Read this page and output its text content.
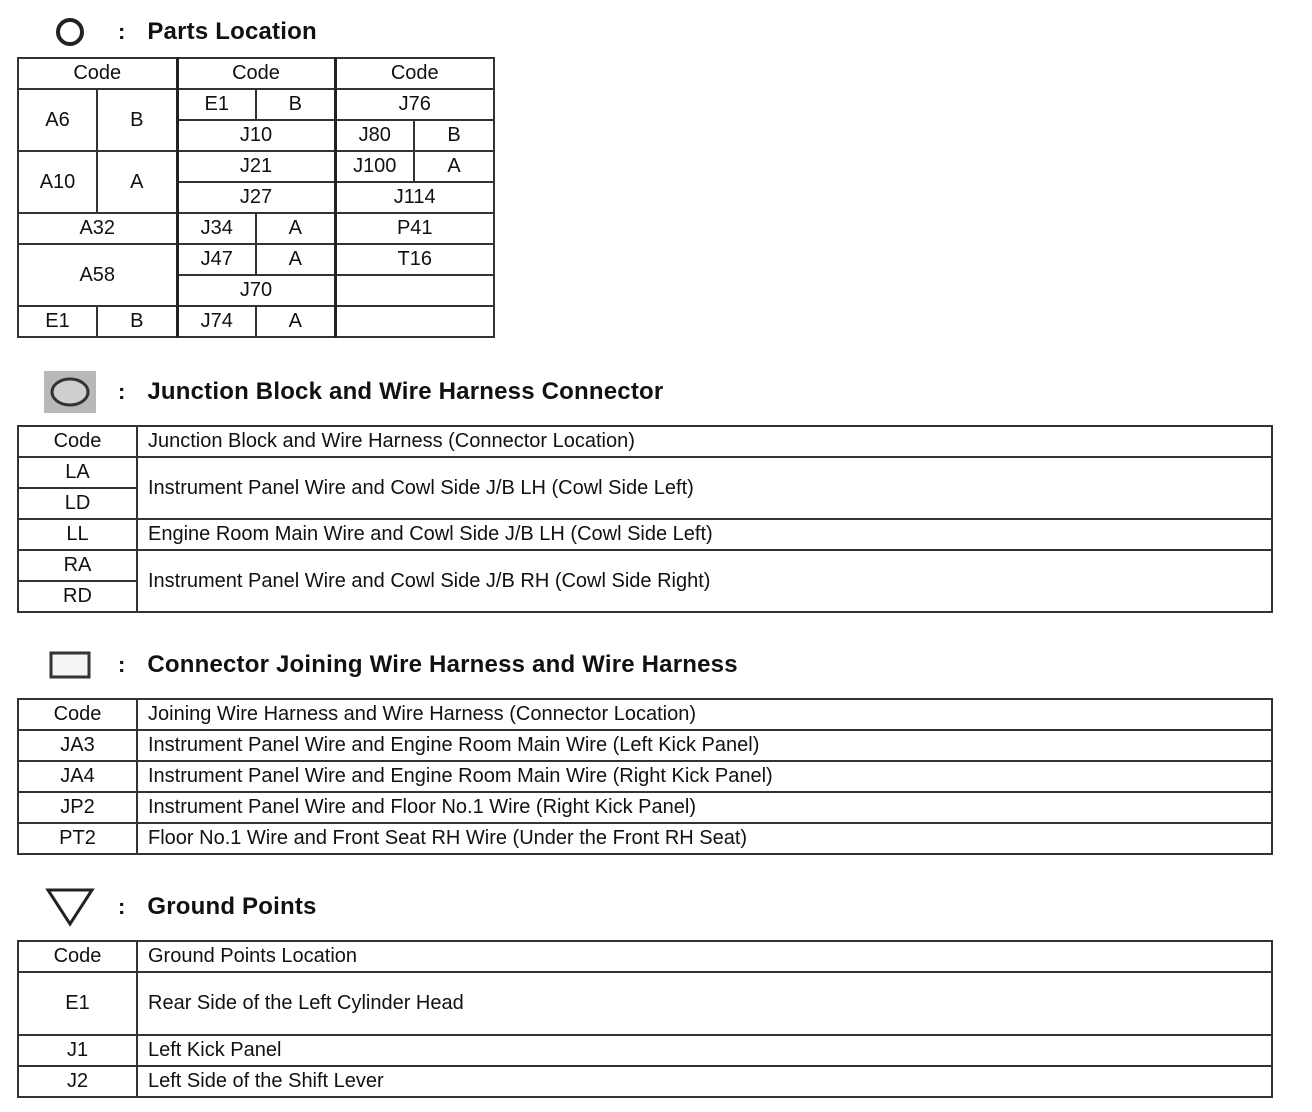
: Parts Location
Code		Code		Code	
A6	B	E1	B	J76	
		J10		J80	B
A10	A	J21		J100	A
		J27		J114	
A32		J34	A	P41	
A58		J47	A	T16	
		J70			
E1	B	J74	A		
: Junction Block and Wire Harness Connector
Code	Junction Block and Wire Harness (Connector Location)
LA	Instrument Panel Wire and Cowl Side J/B LH (Cowl Side Left)
LD	
LL	Engine Room Main Wire and Cowl Side J/B LH (Cowl Side Left)
RA	Instrument Panel Wire and Cowl Side J/B RH (Cowl Side Right)
RD	
: Connector Joining Wire Harness and Wire Harness
Code	Joining Wire Harness and Wire Harness (Connector Location)
JA3	Instrument Panel Wire and Engine Room Main Wire (Left Kick Panel)
JA4	Instrument Panel Wire and Engine Room Main Wire (Right Kick Panel)
JP2	Instrument Panel Wire and Floor No.1 Wire (Right Kick Panel)
PT2	Floor No.1 Wire and Front Seat RH Wire (Under the Front RH Seat)
: Ground Points
Code	Ground Points Location
E1	Rear Side of the Left Cylinder Head
J1	Left Kick Panel
J2	Left Side of the Shift Lever
